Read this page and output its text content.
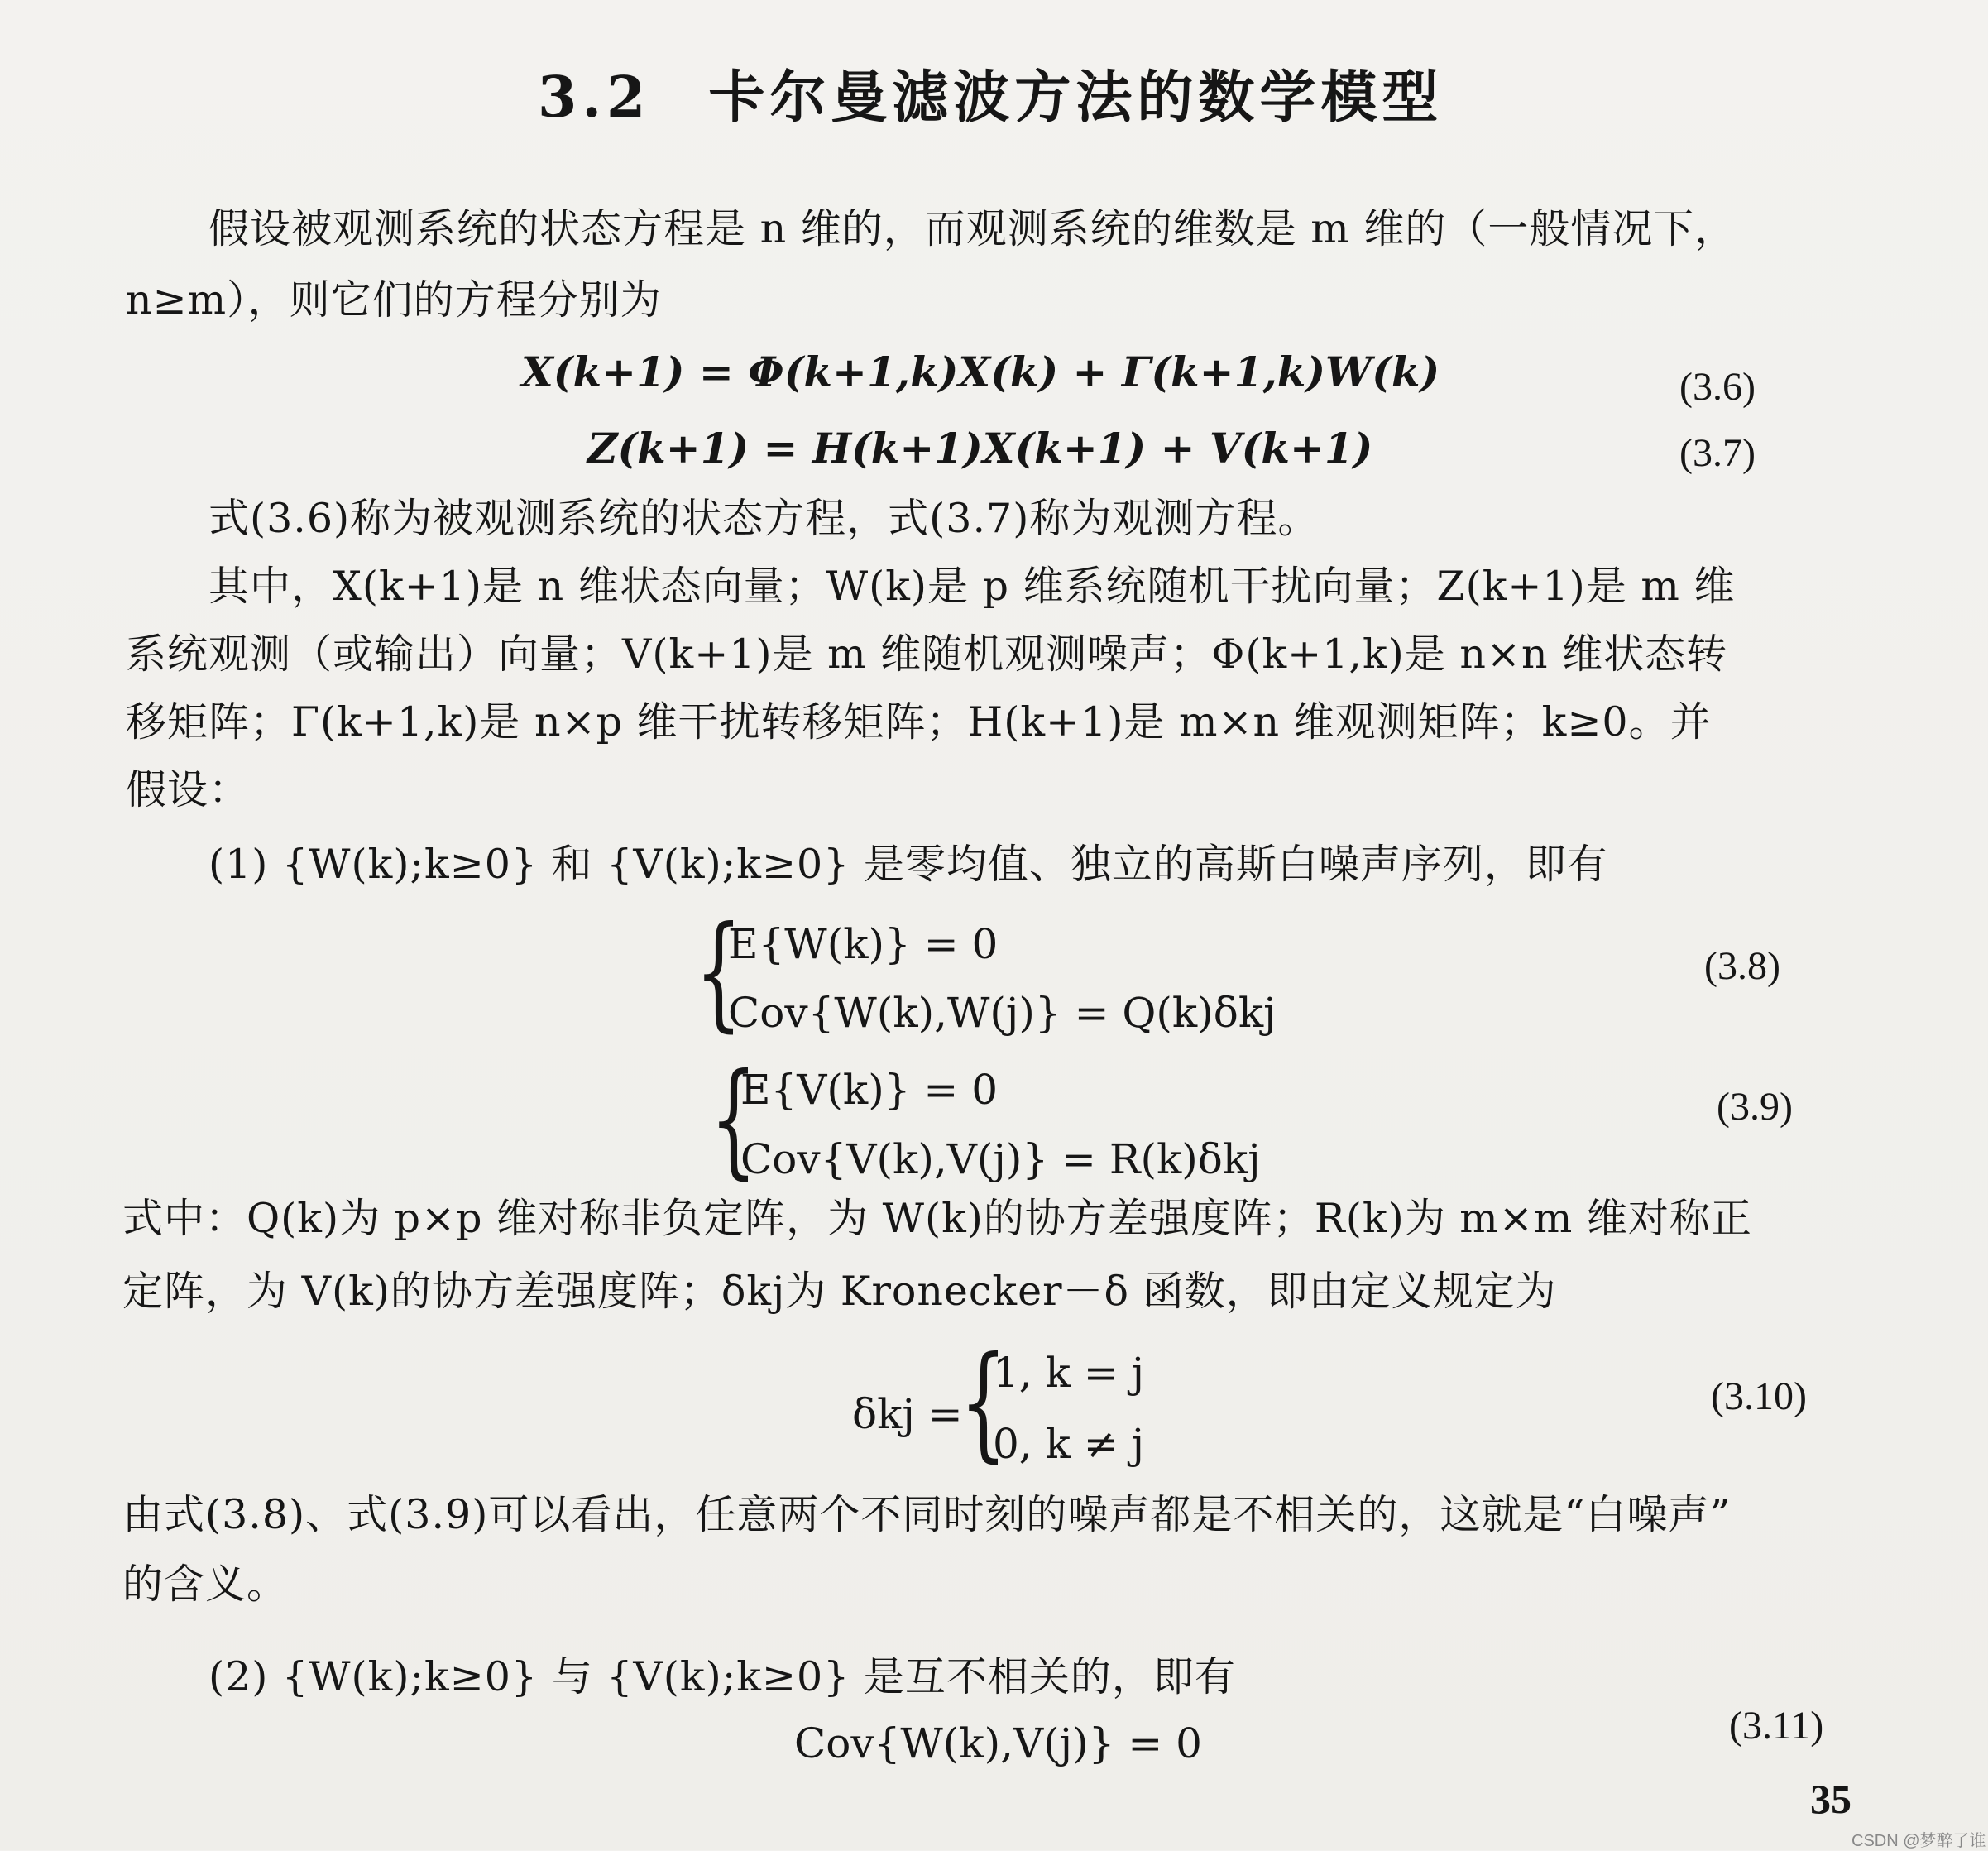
3.2 卡尔曼滤波方法的数学模型
假设被观测系统的状态方程是 n 维的，而观测系统的维数是 m 维的（一般情况下，
n≥m），则它们的方程分别为
X(k+1) = Φ(k+1,k)X(k) + Γ(k+1,k)W(k)	(3.6)
Z(k+1) = H(k+1)X(k+1) + V(k+1)	(3.7)
式(3.6)称为被观测系统的状态方程，式(3.7)称为观测方程。
其中，X(k+1)是 n 维状态向量；W(k)是 p 维系统随机干扰向量；Z(k+1)是 m 维
系统观测（或输出）向量；V(k+1)是 m 维随机观测噪声；Φ(k+1,k)是 n×n 维状态转
移矩阵；Γ(k+1,k)是 n×p 维干扰转移矩阵；H(k+1)是 m×n 维观测矩阵；k≥0。并
假设：
(1) {W(k);k≥0} 和 {V(k);k≥0} 是零均值、独立的高斯白噪声序列，即有
{
E{W(k)} = 0
Cov{W(k),W(j)} = Q(k)δkj
(3.8)
{
E{V(k)} = 0
Cov{V(k),V(j)} = R(k)δkj
(3.9)
式中：Q(k)为 p×p 维对称非负定阵，为 W(k)的协方差强度阵；R(k)为 m×m 维对称正
定阵，为 V(k)的协方差强度阵；δkj为 Kronecker－δ 函数，即由定义规定为
δkj =
{
1, k = j
0, k ≠ j
(3.10)
由式(3.8)、式(3.9)可以看出，任意两个不同时刻的噪声都是不相关的，这就是“白噪声”
的含义。
(2) {W(k);k≥0} 与 {V(k);k≥0} 是互不相关的，即有
Cov{W(k),V(j)} = 0	(3.11)
35
CSDN @梦醉了谁
